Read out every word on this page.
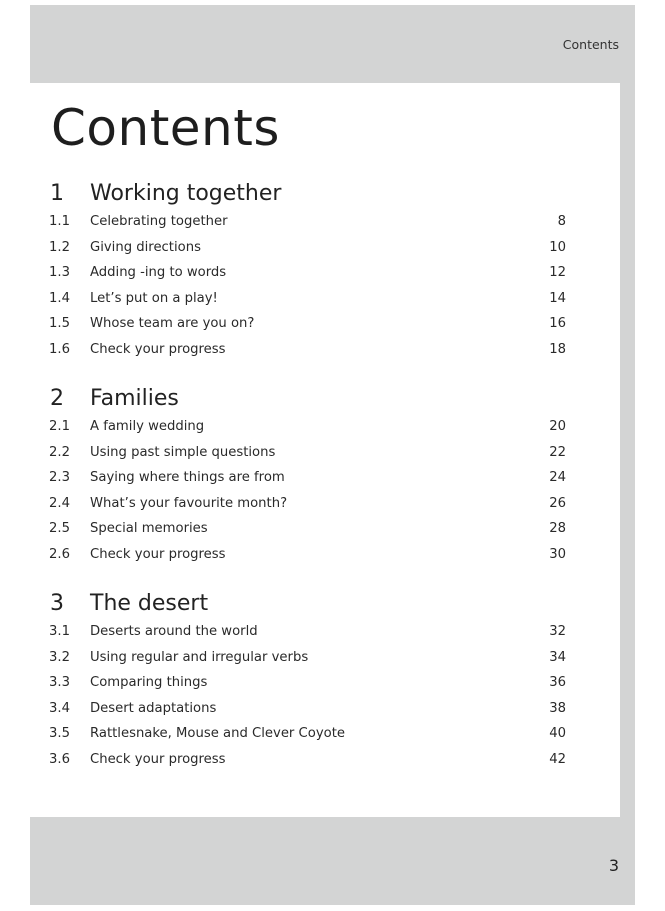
Contents
Contents
1 Working together
1.1 Celebrating together	8
1.2 Giving directions	10
1.3 Adding -ing to words	12
1.4 Let’s put on a play!	14
1.5 Whose team are you on?	16
1.6 Check your progress	18
2 Families
2.1 A family wedding	20
2.2 Using past simple questions	22
2.3 Saying where things are from	24
2.4 What’s your favourite month?	26
2.5 Special memories	28
2.6 Check your progress	30
3 The desert
3.1 Deserts around the world	32
3.2 Using regular and irregular verbs	34
3.3 Comparing things	36
3.4 Desert adaptations	38
3.5 Rattlesnake, Mouse and Clever Coyote	40
3.6 Check your progress	42
3
